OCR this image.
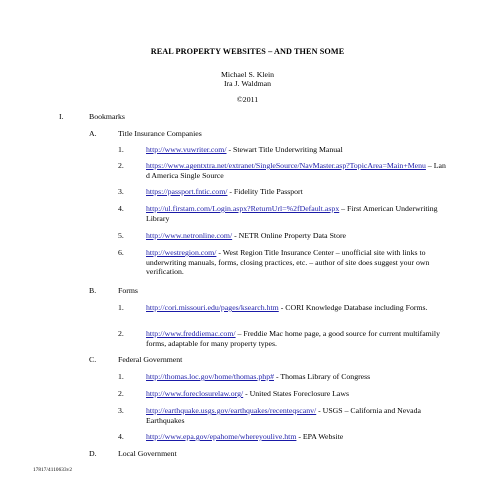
REAL PROPERTY WEBSITES – AND THEN SOME
Michael S. Klein
Ira J. Waldman
©2011
I.	Bookmarks
A.	Title Insurance Companies
1.	http://www.vuwriter.com/ - Stewart Title Underwriting Manual
2.	https://www.agentxtra.net/extranet/SingleSource/NavMaster.asp?TopicArea=Main+Menu – Land America Single Source
3.	https://passport.fntic.com/ - Fidelity Title Passport
4.	http://ul.firstam.com/Login.aspx?ReturnUrl=%2fDefault.aspx – First American Underwriting Library
5.	http://www.netronline.com/ - NETR Online Property Data Store
6.	http://westregion.com/ - West Region Title Insurance Center – unofficial site with links to underwriting manuals, forms, closing practices, etc. – author of site does suggest your own verification.
B.	Forms
1.	http://cori.missouri.edu/pages/ksearch.htm - CORI Knowledge Database including Forms.
2.	http://www.freddiemac.com/ – Freddie Mac home page, a good source for current multifamily forms, adaptable for many property types.
C.	Federal Government
1.	http://thomas.loc.gov/home/thomas.php# - Thomas Library of Congress
2.	http://www.foreclosurelaw.org/ - United States Foreclosure Laws
3.	http://earthquake.usgs.gov/earthquakes/recenteqscanv/ - USGS – California and Nevada Earthquakes
4.	http://www.epa.gov/epahome/whereyoulive.htm - EPA Website
D.	Local Government
17817/4110633v2
